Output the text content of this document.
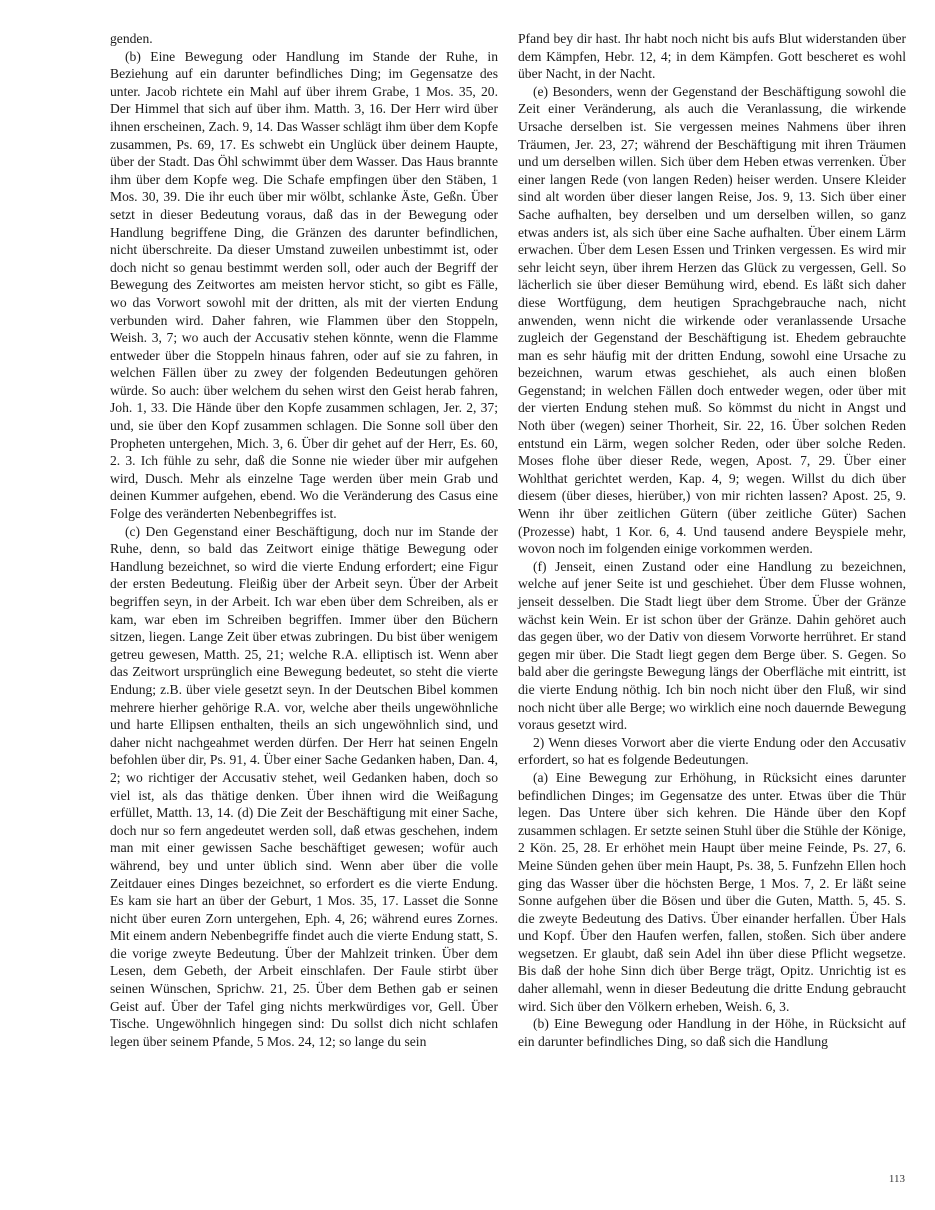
genden.

(b) Eine Bewegung oder Handlung im Stande der Ruhe, in Beziehung auf ein darunter befindliches Ding; im Gegensatze des unter. Jacob richtete ein Mahl auf über ihrem Grabe, 1 Mos. 35, 20. Der Himmel that sich auf über ihm. Matth. 3, 16. Der Herr wird über ihnen erscheinen, Zach. 9, 14. Das Wasser schlägt ihm über dem Kopfe zusammen, Ps. 69, 17. Es schwebt ein Unglück über deinem Haupte, über der Stadt. Das Öhl schwimmt über dem Wasser. Das Haus brannte ihm über dem Kopfe weg. Die Schafe empfingen über den Stäben, 1 Mos. 30, 39. Die ihr euch über mir wölbt, schlanke Äste, Geßn. Über setzt in dieser Bedeutung voraus, daß das in der Bewegung oder Handlung begriffene Ding, die Gränzen des darunter befindlichen, nicht überschreite. Da dieser Umstand zuweilen unbestimmt ist, oder doch nicht so genau bestimmt werden soll, oder auch der Begriff der Bewegung des Zeitwortes am meisten hervor sticht, so gibt es Fälle, wo das Vorwort sowohl mit der dritten, als mit der vierten Endung verbunden wird. Daher fahren, wie Flammen über den Stoppeln, Weish. 3, 7; wo auch der Accusativ stehen könnte, wenn die Flamme entweder über die Stoppeln hinaus fahren, oder auf sie zu fahren, in welchen Fällen über zu zwey der folgenden Bedeutungen gehören würde. So auch: über welchem du sehen wirst den Geist herab fahren, Joh. 1, 33. Die Hände über den Kopfe zusammen schlagen, Jer. 2, 37; und, sie über den Kopf zusammen schlagen. Die Sonne soll über den Propheten untergehen, Mich. 3, 6. Über dir gehet auf der Herr, Es. 60, 2. 3. Ich fühle zu sehr, daß die Sonne nie wieder über mir aufgehen wird, Dusch. Mehr als einzelne Tage werden über mein Grab und deinen Kummer aufgehen, ebend. Wo die Veränderung des Casus eine Folge des veränderten Nebenbegriffes ist.

(c) Den Gegenstand einer Beschäftigung, doch nur im Stande der Ruhe, denn, so bald das Zeitwort einige thätige Bewegung oder Handlung bezeichnet, so wird die vierte Endung erfordert; eine Figur der ersten Bedeutung. Fleißig über der Arbeit seyn. Über der Arbeit begriffen seyn, in der Arbeit. Ich war eben über dem Schreiben, als er kam, war eben im Schreiben begriffen. Immer über den Büchern sitzen, liegen. Lange Zeit über etwas zubringen. Du bist über wenigem getreu gewesen, Matth. 25, 21; welche R.A. elliptisch ist. Wenn aber das Zeitwort ursprünglich eine Bewegung bedeutet, so steht die vierte Endung; z.B. über viele gesetzt seyn. In der Deutschen Bibel kommen mehrere hierher gehörige R.A. vor, welche aber theils ungewöhnliche und harte Ellipsen enthalten, theils an sich ungewöhnlich sind, und daher nicht nachgeahmet werden dürfen. Der Herr hat seinen Engeln befohlen über dir, Ps. 91, 4. Über einer Sache Gedanken haben, Dan. 4, 2; wo richtiger der Accusativ stehet, weil Gedanken haben, doch so viel ist, als das thätige denken. Über ihnen wird die Weißagung erfüllet, Matth. 13, 14. (d) Die Zeit der Beschäftigung mit einer Sache, doch nur so fern angedeutet werden soll, daß etwas geschehen, indem man mit einer gewissen Sache beschäftiget gewesen; wofür auch während, bey und unter üblich sind. Wenn aber über die volle Zeitdauer eines Dinges bezeichnet, so erfordert es die vierte Endung. Es kam sie hart an über der Geburt, 1 Mos. 35, 17. Lasset die Sonne nicht über euren Zorn untergehen, Eph. 4, 26; während eures Zornes. Mit einem andern Nebenbegriffe findet auch die vierte Endung statt, S. die vorige zweyte Bedeutung. Über der Mahlzeit trinken. Über dem Lesen, dem Gebeth, der Arbeit einschlafen. Der Faule stirbt über seinen Wünschen, Sprichw. 21, 25. Über dem Bethen gab er seinen Geist auf. Über der Tafel ging nichts merkwürdiges vor, Gell. Über Tische. Ungewöhnlich hingegen sind: Du sollst dich nicht schlafen legen über seinem Pfande, 5 Mos. 24, 12; so lange du sein

Pfand bey dir hast. Ihr habt noch nicht bis aufs Blut widerstanden über dem Kämpfen, Hebr. 12, 4; in dem Kämpfen. Gott bescheret es wohl über Nacht, in der Nacht.

(e) Besonders, wenn der Gegenstand der Beschäftigung sowohl die Zeit einer Veränderung, als auch die Veranlassung, die wirkende Ursache derselben ist. Sie vergessen meines Nahmens über ihren Träumen, Jer. 23, 27; während der Beschäftigung mit ihren Träumen und um derselben willen. Sich über dem Heben etwas verrenken. Über einer langen Rede (von langen Reden) heiser werden. Unsere Kleider sind alt worden über dieser langen Reise, Jos. 9, 13. Sich über einer Sache aufhalten, bey derselben und um derselben willen, so ganz etwas anders ist, als sich über eine Sache aufhalten. Über einem Lärm erwachen. Über dem Lesen Essen und Trinken vergessen. Es wird mir sehr leicht seyn, über ihrem Herzen das Glück zu vergessen, Gell. So lächerlich sie über dieser Bemühung wird, ebend. Es läßt sich daher diese Wortfügung, dem heutigen Sprachgebrauche nach, nicht anwenden, wenn nicht die wirkende oder veranlassende Ursache zugleich der Gegenstand der Beschäftigung ist. Ehedem gebrauchte man es sehr häufig mit der dritten Endung, sowohl eine Ursache zu bezeichnen, warum etwas geschiehet, als auch einen bloßen Gegenstand; in welchen Fällen doch entweder wegen, oder über mit der vierten Endung stehen muß. So kömmst du nicht in Angst und Noth über (wegen) seiner Thorheit, Sir. 22, 16. Über solchen Reden entstund ein Lärm, wegen solcher Reden, oder über solche Reden. Moses flohe über dieser Rede, wegen, Apost. 7, 29. Über einer Wohlthat gerichtet werden, Kap. 4, 9; wegen. Willst du dich über diesem (über dieses, hierüber,) von mir richten lassen? Apost. 25, 9. Wenn ihr über zeitlichen Gütern (über zeitliche Güter) Sachen (Prozesse) habt, 1 Kor. 6, 4. Und tausend andere Beyspiele mehr, wovon noch im folgenden einige vorkommen werden.

(f) Jenseit, einen Zustand oder eine Handlung zu bezeichnen, welche auf jener Seite ist und geschiehet. Über dem Flusse wohnen, jenseit desselben. Die Stadt liegt über dem Strome. Über der Gränze wächst kein Wein. Er ist schon über der Gränze. Dahin gehöret auch das gegen über, wo der Dativ von diesem Vorworte herrühret. Er stand gegen mir über. Die Stadt liegt gegen dem Berge über. S. Gegen. So bald aber die geringste Bewegung längs der Oberfläche mit eintritt, ist die vierte Endung nöthig. Ich bin noch nicht über den Fluß, wir sind noch nicht über alle Berge; wo wirklich eine noch dauernde Bewegung voraus gesetzt wird.

2) Wenn dieses Vorwort aber die vierte Endung oder den Accusativ erfordert, so hat es folgende Bedeutungen.

(a) Eine Bewegung zur Erhöhung, in Rücksicht eines darunter befindlichen Dinges; im Gegensatze des unter. Etwas über die Thür legen. Das Untere über sich kehren. Die Hände über den Kopf zusammen schlagen. Er setzte seinen Stuhl über die Stühle der Könige, 2 Kön. 25, 28. Er erhöhet mein Haupt über meine Feinde, Ps. 27, 6. Meine Sünden gehen über mein Haupt, Ps. 38, 5. Funfzehn Ellen hoch ging das Wasser über die höchsten Berge, 1 Mos. 7, 2. Er läßt seine Sonne aufgehen über die Bösen und über die Guten, Matth. 5, 45. S. die zweyte Bedeutung des Dativs. Über einander herfallen. Über Hals und Kopf. Über den Haufen werfen, fallen, stoßen. Sich über andere wegsetzen. Er glaubt, daß sein Adel ihn über diese Pflicht wegsetze. Bis daß der hohe Sinn dich über Berge trägt, Opitz. Unrichtig ist es daher allemahl, wenn in dieser Bedeutung die dritte Endung gebraucht wird. Sich über den Völkern erheben, Weish. 6, 3.

(b) Eine Bewegung oder Handlung in der Höhe, in Rücksicht auf ein darunter befindliches Ding, so daß sich die Handlung

113
